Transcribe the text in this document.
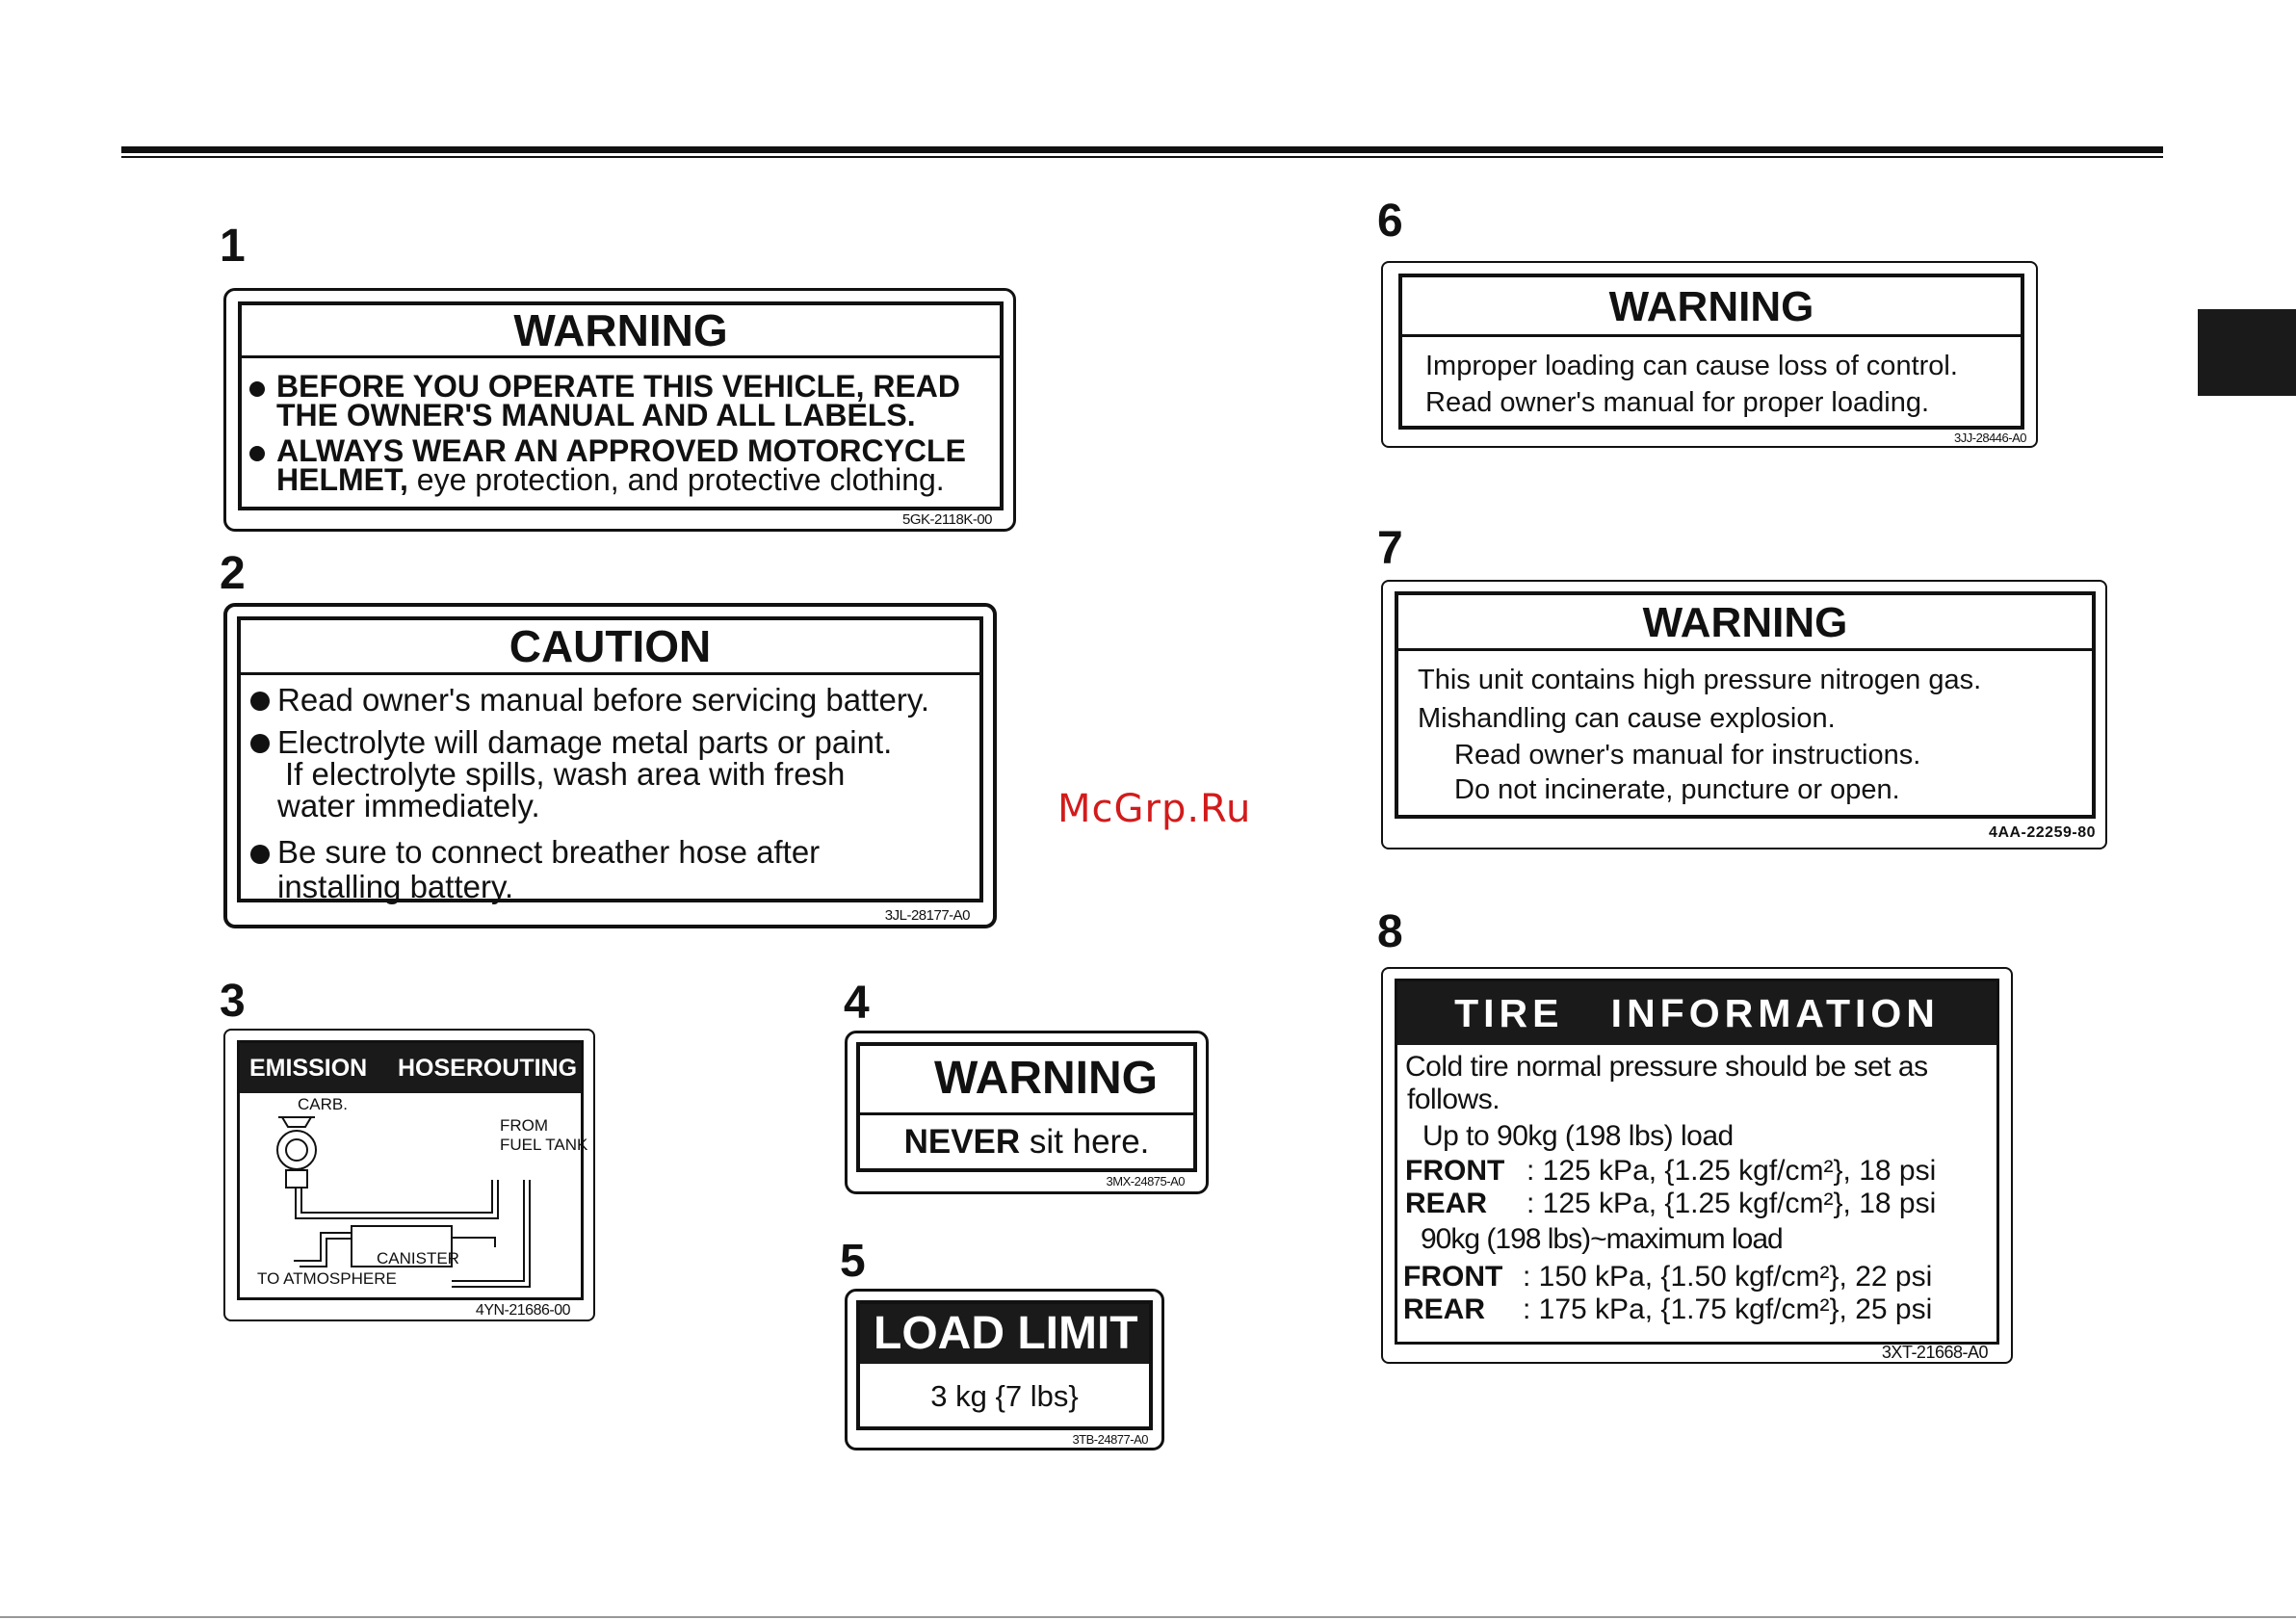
McGrp.Ru
1
WARNING
BEFORE YOU OPERATE THIS VEHICLE, READ
THE OWNER'S MANUAL AND ALL LABELS.
ALWAYS WEAR AN APPROVED MOTORCYCLE
HELMET, eye protection, and protective clothing.
5GK-2118K-00
2
CAUTION
Read owner's manual before servicing battery.
Electrolyte will damage metal parts or paint.
If electrolyte spills, wash area with fresh
water immediately.
Be sure to connect breather hose after
installing battery.
3JL-28177-A0
3
EMISSION HOSEROUTING
CARB.
FROM
FUEL TANK
CANISTER
TO ATMOSPHERE
4YN-21686-00
4
WARNING
NEVER sit here.
3MX-24875-A0
5
LOAD LIMIT
3 kg {7 lbs}
3TB-24877-A0
6
WARNING
Improper loading can cause loss of control.
Read owner's manual for proper loading.
3JJ-28446-A0
7
WARNING
This unit contains high pressure nitrogen gas.
Mishandling can cause explosion.
Read owner's manual for instructions.
Do not incinerate, puncture or open.
4AA-22259-80
8
TIRE   INFORMATION
Cold tire normal pressure should be set as
follows.
Up to 90kg (198 lbs) load
FRONT : 125 kPa, {1.25 kgf/cm²}, 18 psi
REAR : 125 kPa, {1.25 kgf/cm²}, 18 psi
90kg (198 lbs)~maximum load
FRONT : 150 kPa, {1.50 kgf/cm²}, 22 psi
REAR : 175 kPa, {1.75 kgf/cm²}, 25 psi
3XT-21668-A0
